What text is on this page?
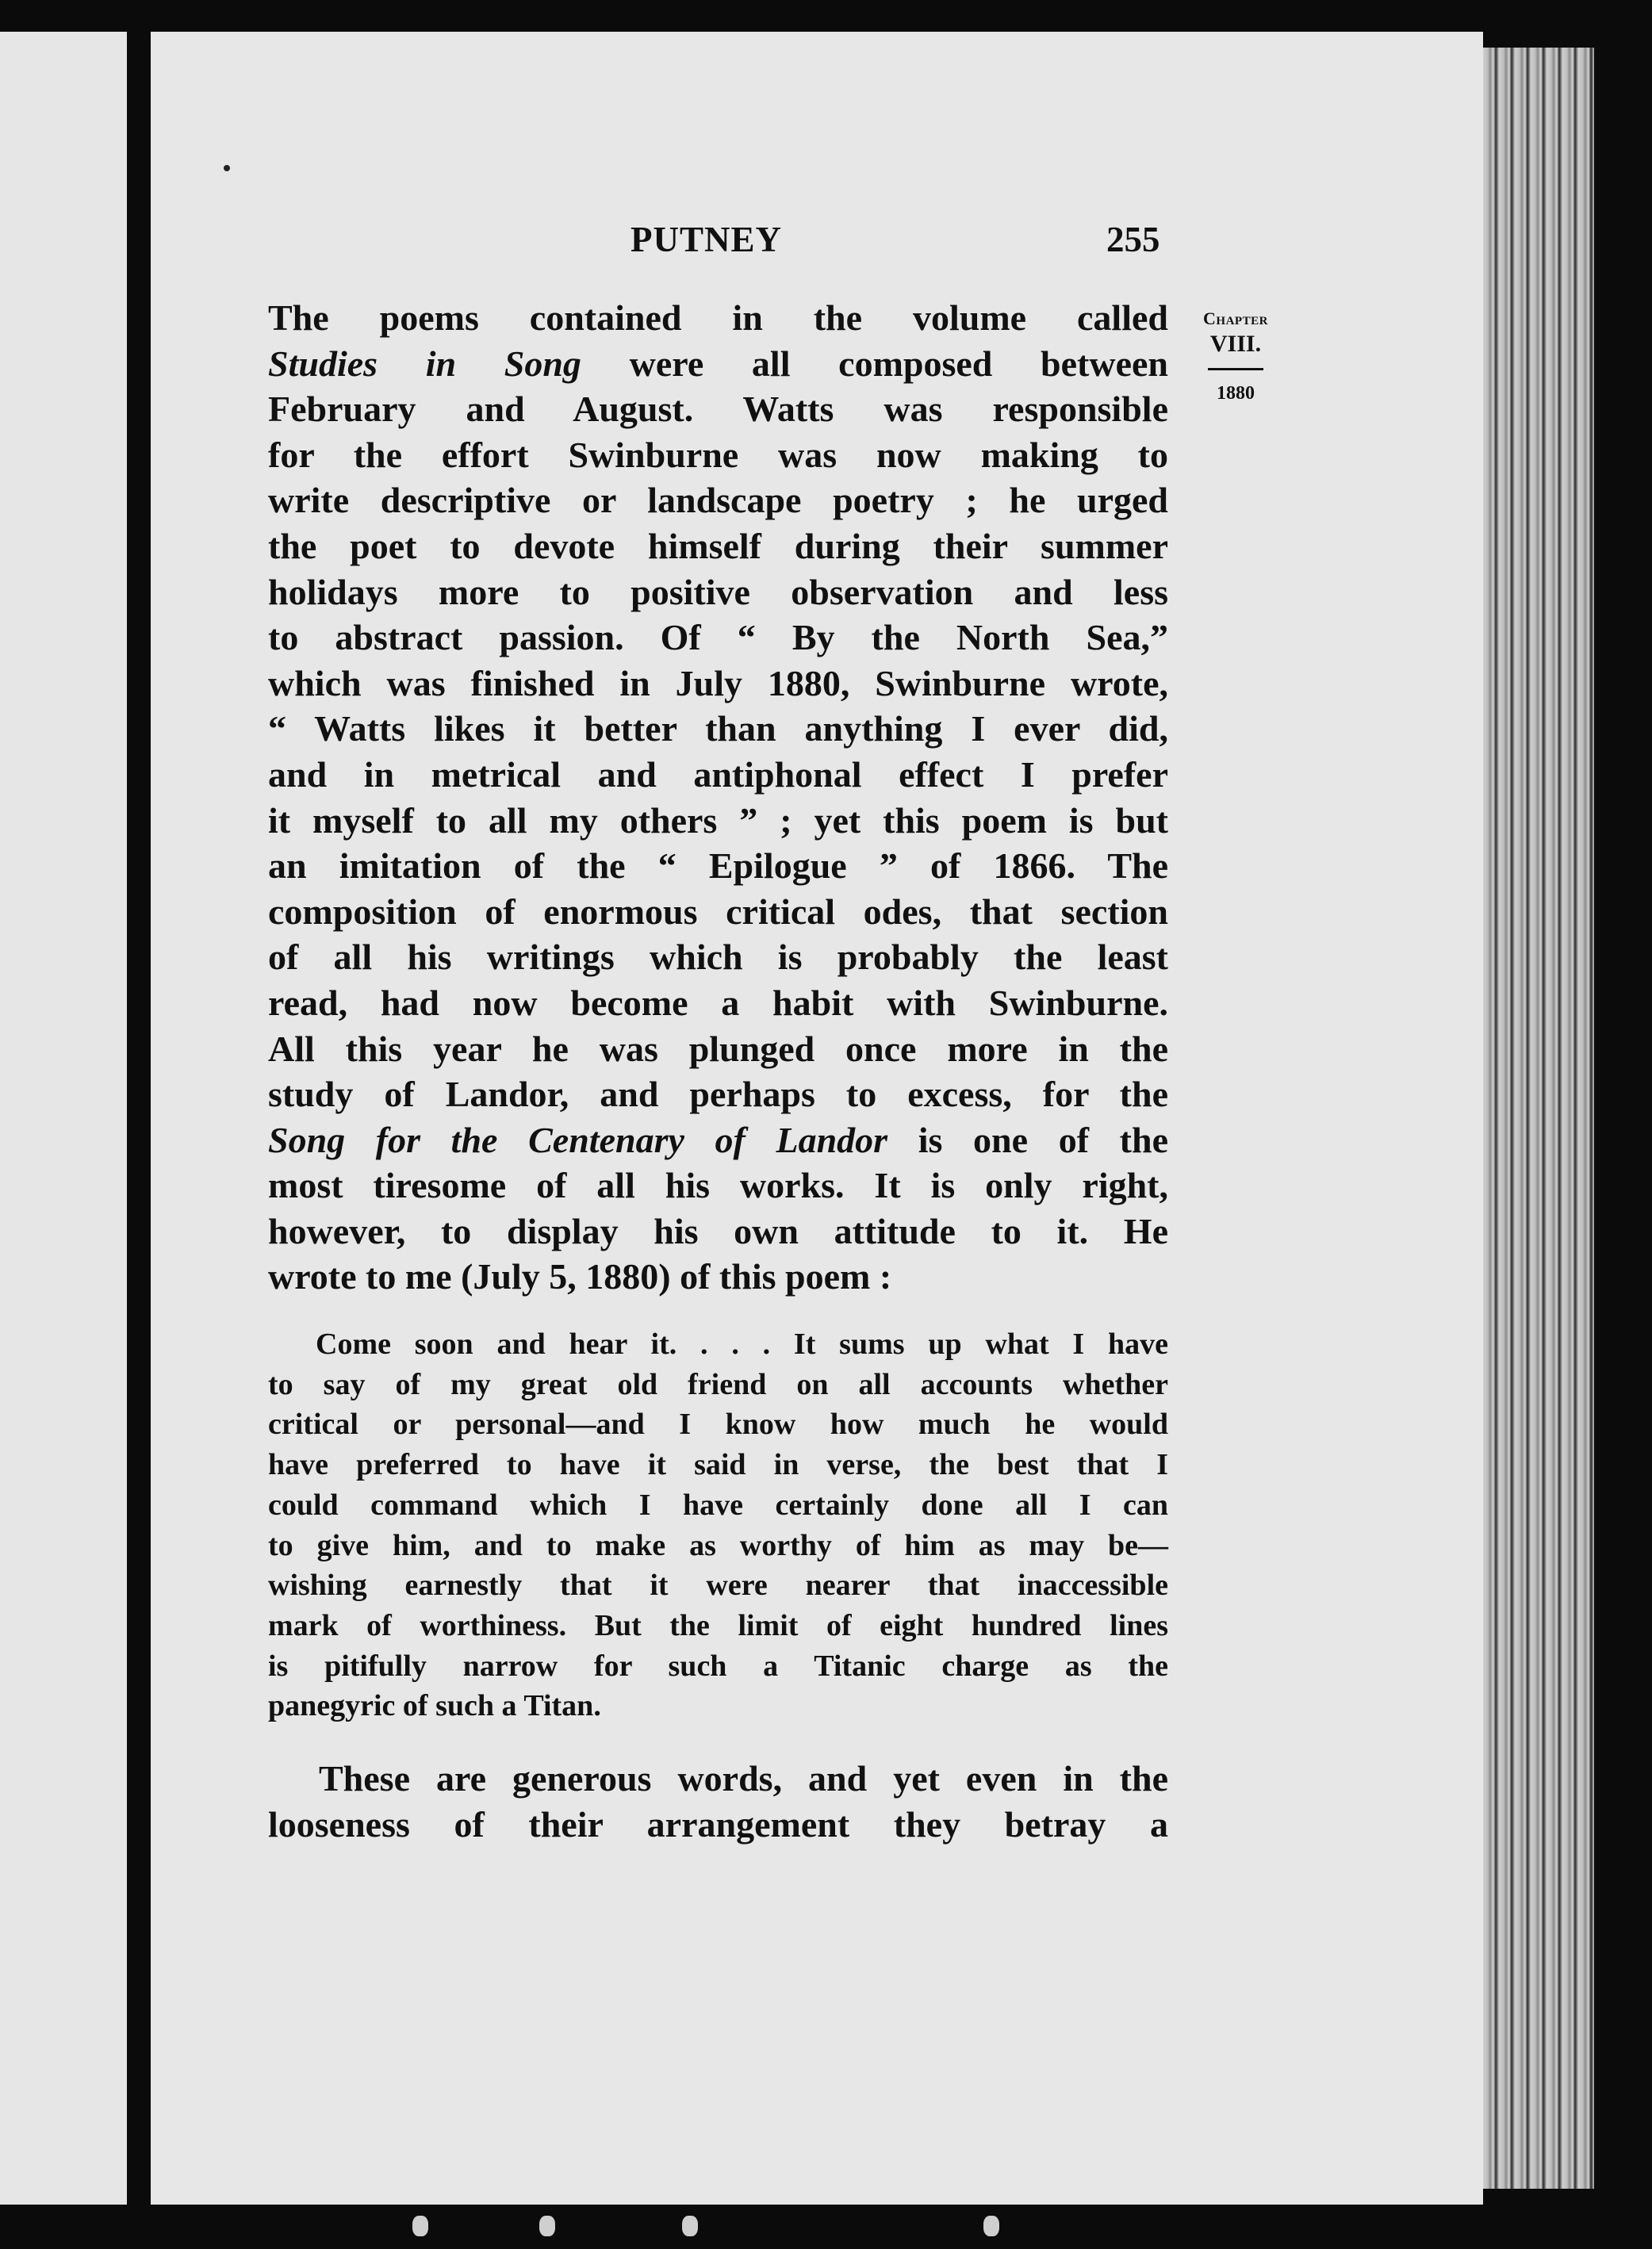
PUTNEY	255
Chapter
VIII.
1880
The poems contained in the volume called
Studies in Song were all composed between
February and August. Watts was responsible
for the effort Swinburne was now making to
write descriptive or landscape poetry ; he urged
the poet to devote himself during their summer
holidays more to positive observation and less
to abstract passion. Of “ By the North Sea,”
which was finished in July 1880, Swinburne wrote,
“ Watts likes it better than anything I ever did,
and in metrical and antiphonal effect I prefer
it myself to all my others ” ; yet this poem is but
an imitation of the “ Epilogue ” of 1866. The
composition of enormous critical odes, that section
of all his writings which is probably the least
read, had now become a habit with Swinburne.
All this year he was plunged once more in the
study of Landor, and perhaps to excess, for the
Song for the Centenary of Landor is one of the
most tiresome of all his works. It is only right,
however, to display his own attitude to it. He
wrote to me (July 5, 1880) of this poem :
Come soon and hear it. . . . It sums up what I have
to say of my great old friend on all accounts whether
critical or personal—and I know how much he would
have preferred to have it said in verse, the best that I
could command which I have certainly done all I can
to give him, and to make as worthy of him as may be—
wishing earnestly that it were nearer that inaccessible
mark of worthiness. But the limit of eight hundred lines
is pitifully narrow for such a Titanic charge as the
panegyric of such a Titan.
These are generous words, and yet even in the
looseness of their arrangement they betray a
